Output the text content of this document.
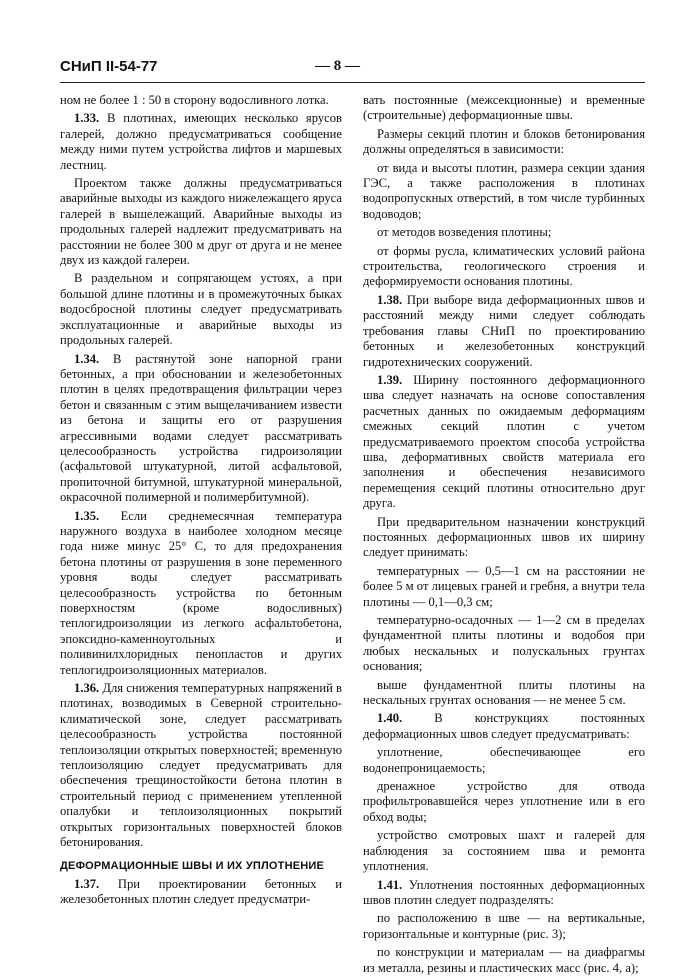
СНиП II-54-77	— 8 —

ном не более 1 : 50 в сторону водосливного лотка.

1.33. В плотинах, имеющих несколько ярусов галерей, должно предусматриваться сообщение между ними путем устройства лифтов и маршевых лестниц.

Проектом также должны предусматриваться аварийные выходы из каждого нижележащего яруса галерей в вышележащий. Аварийные выходы из продольных галерей надлежит предусматривать на расстоянии не более 300 м друг от друга и не менее двух из каждой галереи.

В раздельном и сопрягающем устоях, а при большой длине плотины и в промежуточных быках водосбросной плотины следует предусматривать эксплуатационные и аварийные выходы из продольных галерей.

1.34. В растянутой зоне напорной грани бетонных, а при обосновании и железобетонных плотин в целях предотвращения фильтрации через бетон и связанным с этим выщелачиванием извести из бетона и защиты его от разрушения агрессивными водами следует рассматривать целесообразность устройства гидроизоляции (асфальтовой штукатурной, литой асфальтовой, пропиточной битумной, штукатурной минеральной, окрасочной полимерной и полимербитумной).

1.35. Если среднемесячная температура наружного воздуха в наиболее холодном месяце года ниже минус 25° С, то для предохранения бетона плотины от разрушения в зоне переменного уровня воды следует рассматривать целесообразность устройства по бетонным поверхностям (кроме водосливных) теплогидроизоляции из легкого асфальтобетона, эпоксидно-каменноугольных и поливинилхлоридных пенопластов и других теплогидроизоляционных материалов.

1.36. Для снижения температурных напряжений в плотинах, возводимых в Северной строительно-климатической зоне, следует рассматривать целесообразность устройства постоянной теплоизоляции открытых поверхностей; временную теплоизоляцию следует предусматривать для обеспечения трещиностойкости бетона плотин в строительный период с применением утепленной опалубки и теплоизоляционных покрытий открытых горизонтальных поверхностей блоков бетонирования.

ДЕФОРМАЦИОННЫЕ ШВЫ И ИХ УПЛОТНЕНИЕ

1.37. При проектировании бетонных и железобетонных плотин следует предусматри-

вать постоянные (межсекционные) и временные (строительные) деформационные швы.

Размеры секций плотин и блоков бетонирования должны определяться в зависимости:

от вида и высоты плотин, размера секции здания ГЭС, а также расположения в плотинах водопропускных отверстий, в том числе турбинных водоводов;

от методов возведения плотины;

от формы русла, климатических условий района строительства, геологического строения и деформируемости основания плотины.

1.38. При выборе вида деформационных швов и расстояний между ними следует соблюдать требования главы СНиП по проектированию бетонных и железобетонных конструкций гидротехнических сооружений.

1.39. Ширину постоянного деформационного шва следует назначать на основе сопоставления расчетных данных по ожидаемым деформациям смежных секций плотин с учетом предусматриваемого проектом способа устройства шва, деформативных свойств материала его заполнения и обеспечения независимого перемещения секций плотины относительно друг друга.

При предварительном назначении конструкций постоянных деформационных швов их ширину следует принимать:

температурных — 0,5—1 см на расстоянии не более 5 м от лицевых граней и гребня, а внутри тела плотины — 0,1—0,3 см;

температурно-осадочных — 1—2 см в пределах фундаментной плиты плотины и водобоя при любых нескальных и полускальных грунтах основания;

выше фундаментной плиты плотины на нескальных грунтах основания — не менее 5 см.

1.40. В конструкциях постоянных деформационных швов следует предусматривать:

уплотнение, обеспечивающее его водонепроницаемость;

дренажное устройство для отвода профильтровавшейся через уплотнение или в его обход воды;

устройство смотровых шахт и галерей для наблюдения за состоянием шва и ремонта уплотнения.

1.41. Уплотнения постоянных деформационных швов плотин следует подразделять:

по расположению в шве — на вертикальные, горизонтальные и контурные (рис. 3);

по конструкции и материалам — на диафрагмы из металла, резины и пластических масс (рис. 4, а);
